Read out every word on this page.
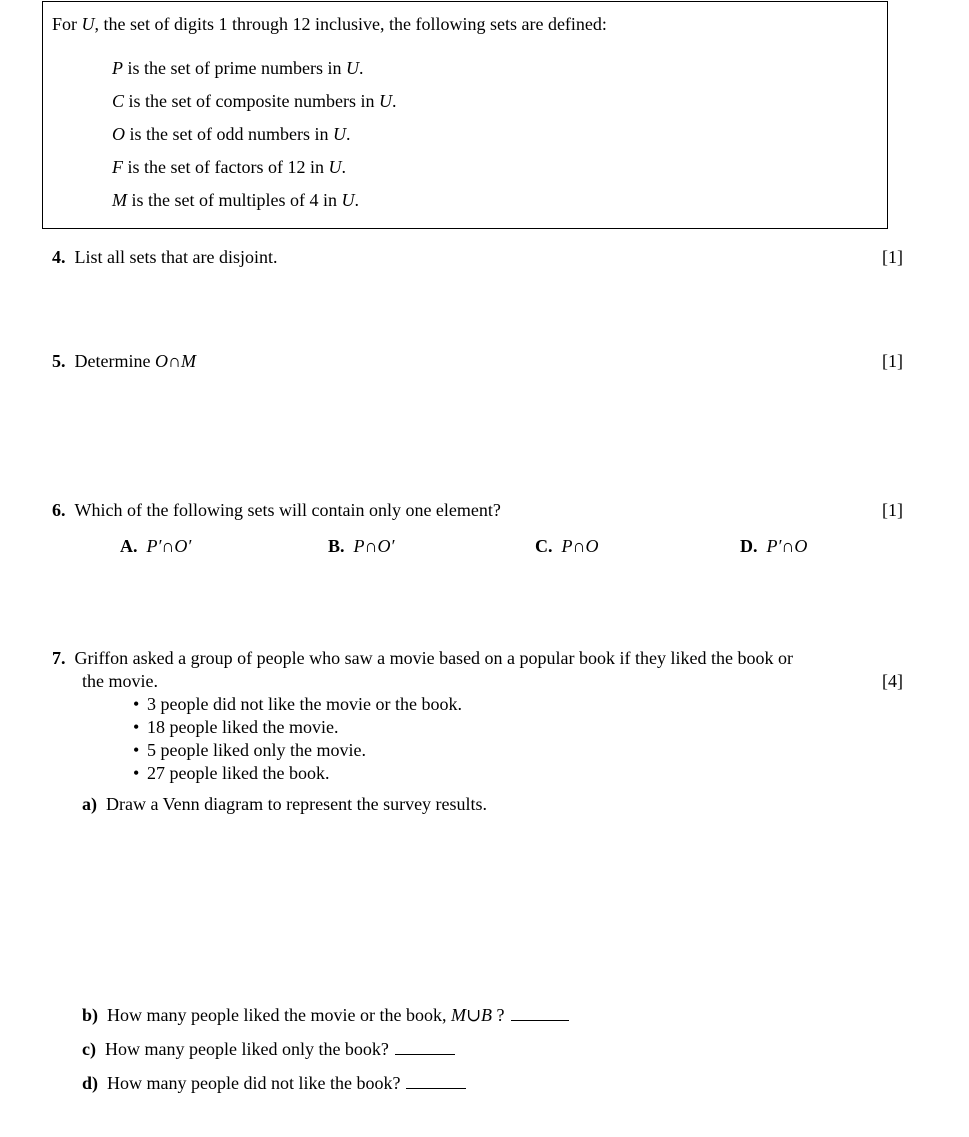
For U, the set of digits 1 through 12 inclusive, the following sets are defined:
P is the set of prime numbers in U.
C is the set of composite numbers in U.
O is the set of odd numbers in U.
F is the set of factors of 12 in U.
M is the set of multiples of 4 in U.
4. List all sets that are disjoint.	[1]
5. Determine O∩M	[1]
6. Which of the following sets will contain only one element?	[1]
A. P′∩O′	B. P∩O′	C. P∩O	D. P′∩O
7. Griffon asked a group of people who saw a movie based on a popular book if they liked the book or
the movie.	[4]
• 3 people did not like the movie or the book.
• 18 people liked the movie.
• 5 people liked only the movie.
• 27 people liked the book.
a) Draw a Venn diagram to represent the survey results.
b) How many people liked the movie or the book, M∪B ?
c) How many people liked only the book?
d) How many people did not like the book?
